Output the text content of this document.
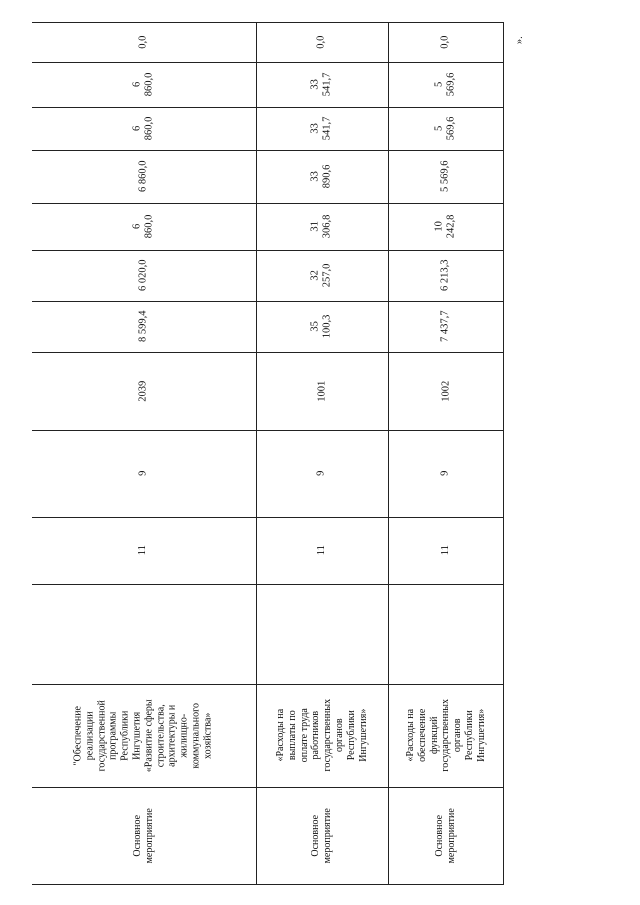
0,0
6
860,0
6
860,0
6 860,0
6
860,0
6 020,0
8 599,4
2039
9
11
"Обеспечение
реализации
государственной
программы
Республики
Ингушетия
«Развитие сферы
строительства,
архитектуры и
жилищно-
коммунального
хозяйства»
Основное
мероприятие
0,0
33
541,7
33
541,7
33
890,6
31
306,8
32
257,0
35
100,3
1001
9
11
«Расходы на
выплаты по
оплате труда
работников
государственных
органов
Республики
Ингушетия»
Основное
мероприятие
0,0
5
569,6
5
569,6
5 569,6
10
242,8
6 213,3
7 437,7
1002
9
11
«Расходы на
обеспечение
функций
государственных
органов
Республики
Ингушетия»
Основное
мероприятие
».
